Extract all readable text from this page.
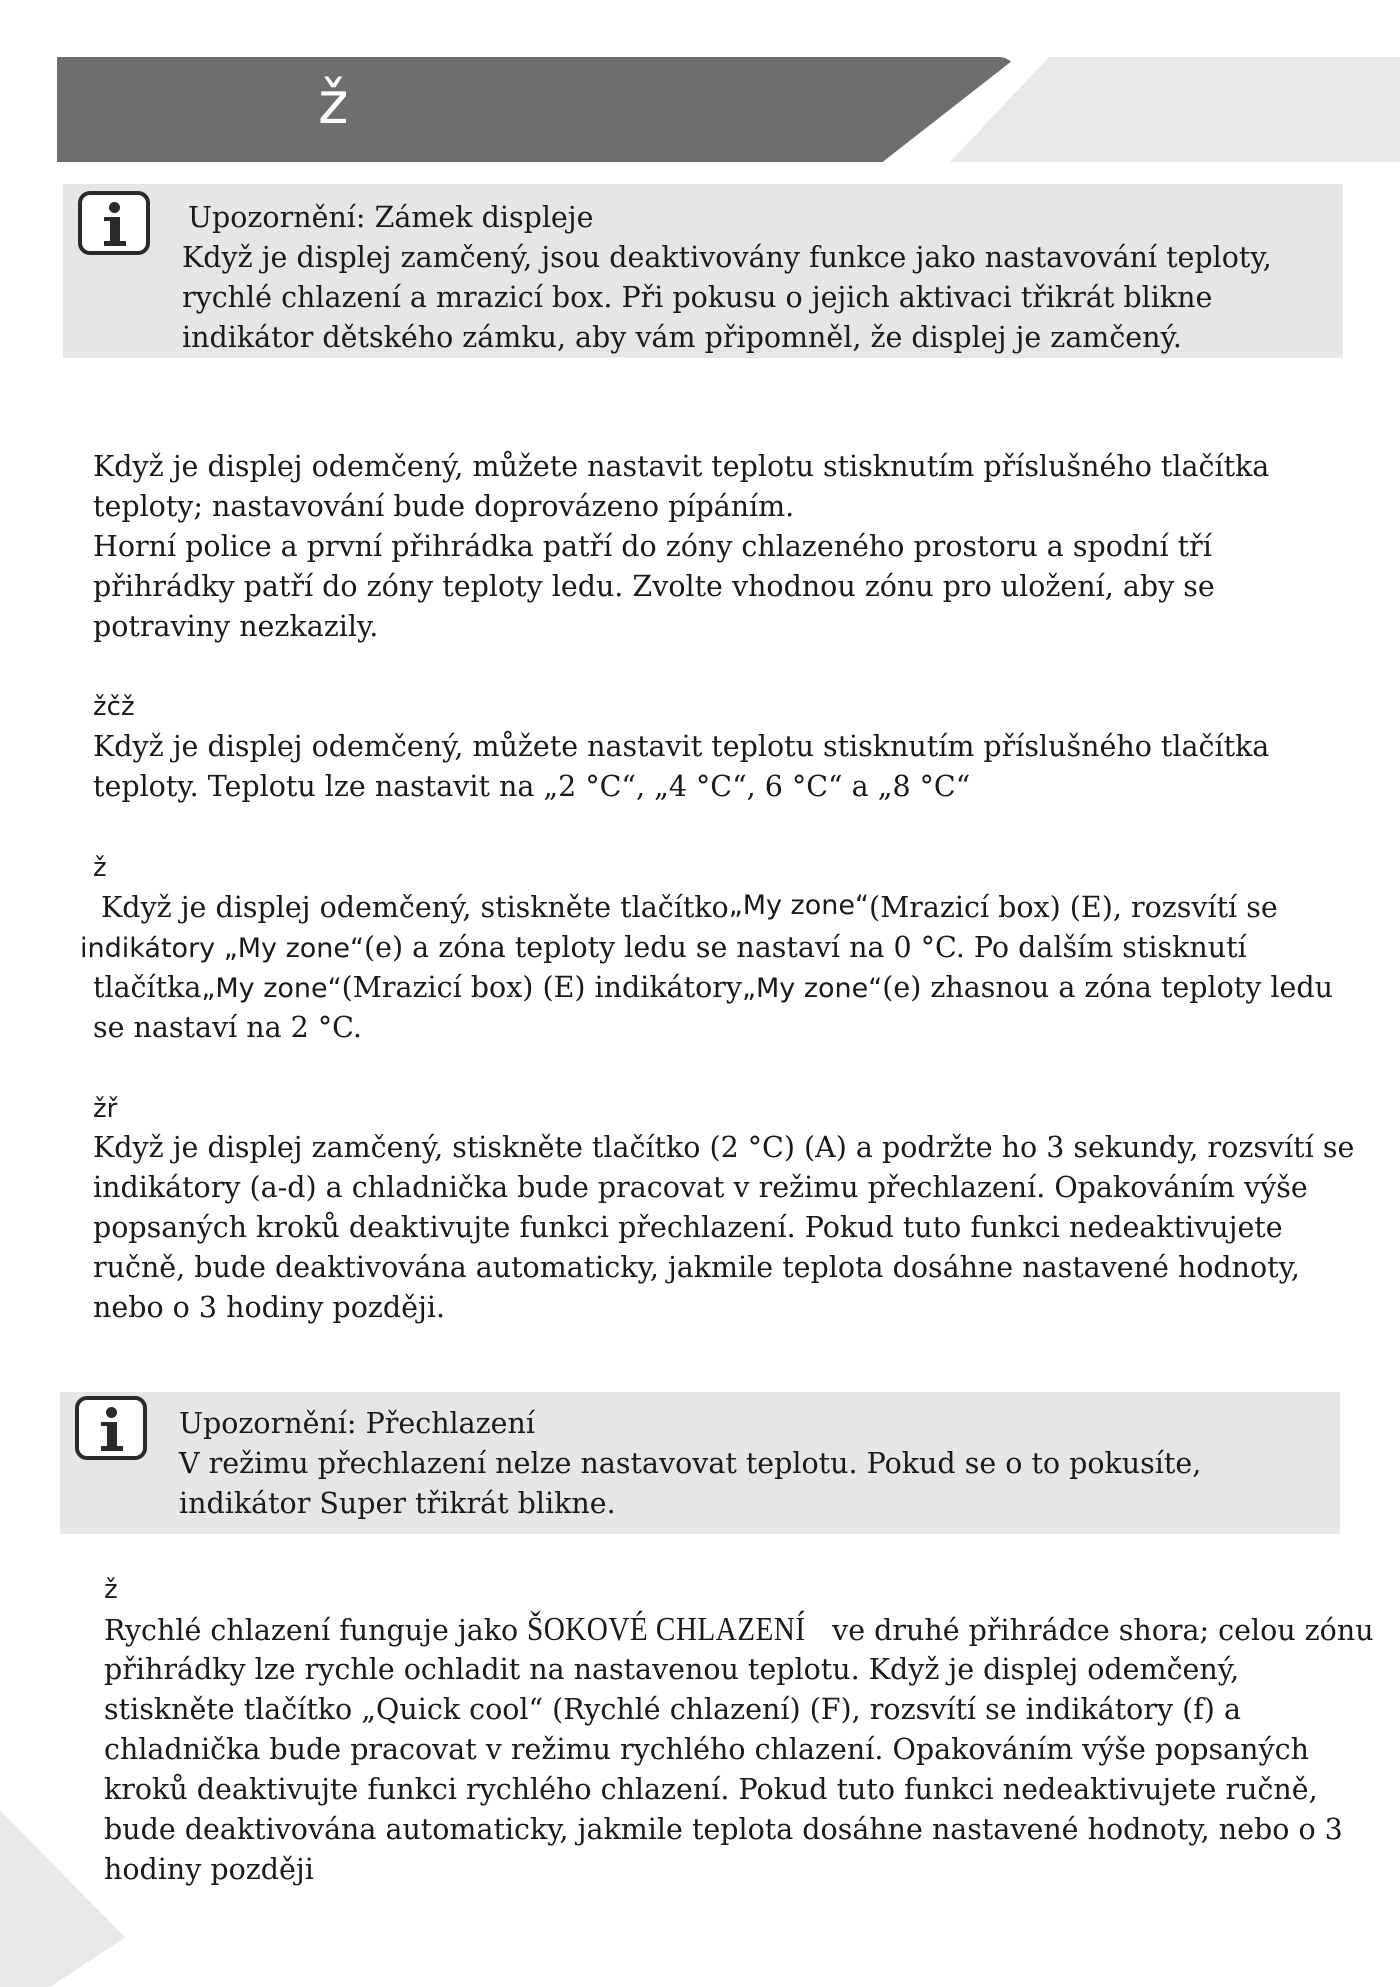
ž

Upozornění: Zámek displeje

Když je displej zamčený, jsou deaktivovány funkce jako nastavování teploty,

rychlé chlazení a mrazicí box. Při pokusu o jejich aktivaci třikrát blikne

indikátor dětského zámku, aby vám připomněl, že displej je zamčený.

Když je displej odemčený, můžete nastavit teplotu stisknutím příslušného tlačítka

teploty; nastavování bude doprovázeno pípáním.

Horní police a první přihrádka patří do zóny chlazeného prostoru a spodní tří

přihrádky patří do zóny teploty ledu. Zvolte vhodnou zónu pro uložení, aby se

potraviny nezkazily.

žčž

Když je displej odemčený, můžete nastavit teplotu stisknutím příslušného tlačítka

teploty. Teplotu lze nastavit na „2 °C“, „4 °C“, 6 °C“ a „8 °C“

ž

Když je displej odemčený, stiskněte tlačítko„My zone“(Mrazicí box) (E), rozsvítí se

indikátory „My zone“(e) a zóna teploty ledu se nastaví na 0 °C. Po dalším stisknutí

tlačítka„My zone“(Mrazicí box) (E) indikátory„My zone“(e) zhasnou a zóna teploty ledu

se nastaví na 2 °C.

žř

Když je displej zamčený, stiskněte tlačítko (2 °C) (A) a podržte ho 3 sekundy, rozsvítí se

indikátory (a-d) a chladnička bude pracovat v režimu přechlazení. Opakováním výše

popsaných kroků deaktivujte funkci přechlazení. Pokud tuto funkci nedeaktivujete

ručně, bude deaktivována automaticky, jakmile teplota dosáhne nastavené hodnoty,

nebo o 3 hodiny později.

Upozornění: Přechlazení

V režimu přechlazení nelze nastavovat teplotu. Pokud se o to pokusíte,

indikátor Super třikrát blikne.

ž

Rychlé chlazení funguje jako ŠOKOVÉ CHLAZENÍ ve druhé přihrádce shora; celou zónu

přihrádky lze rychle ochladit na nastavenou teplotu. Když je displej odemčený,

stiskněte tlačítko „Quick cool“ (Rychlé chlazení) (F), rozsvítí se indikátory (f) a

chladnička bude pracovat v režimu rychlého chlazení. Opakováním výše popsaných

kroků deaktivujte funkci rychlého chlazení. Pokud tuto funkci nedeaktivujete ručně,

bude deaktivována automaticky, jakmile teplota dosáhne nastavené hodnoty, nebo o 3

hodiny později
